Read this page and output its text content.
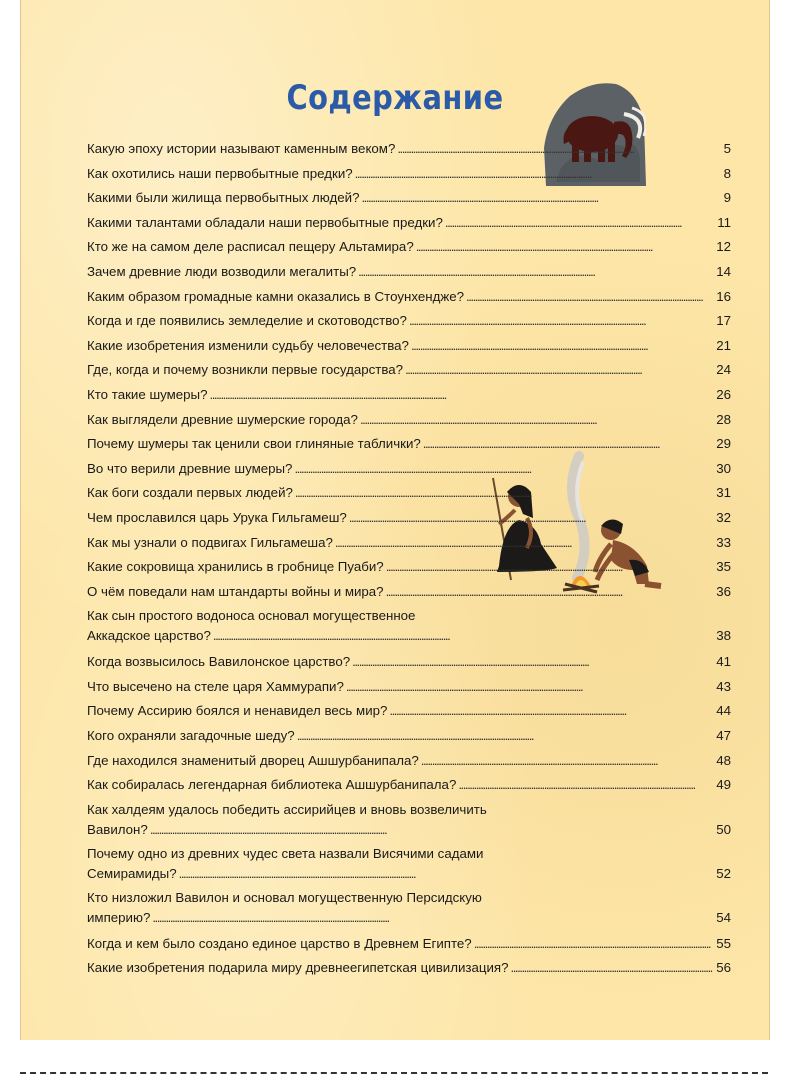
Содержание
Какую эпоху истории называют каменным веком? . . .	5
Как охотились наши первобытные предки? . . .	8
Какими были жилища первобытных людей? . . .	9
Какими талантами обладали наши первобытные предки? . . .	11
Кто же на самом деле расписал пещеру Альтамира? . . .	12
Зачем древние люди возводили мегалиты? . . .	14
Каким образом громадные камни оказались в Стоунхендже? . . .	16
Когда и где появились земледелие и скотоводство? . . .	17
Какие изобретения изменили судьбу человечества? . . .	21
Где, когда и почему возникли первые государства? . . .	24
Кто такие шумеры? . . .	26
Как выглядели древние шумерские города? . . .	28
Почему шумеры так ценили свои глиняные таблички? . . .	29
Во что верили древние шумеры? . . .	30
Как боги создали первых людей? . . .	31
Чем прославился царь Урука Гильгамеш? . . .	32
Как мы узнали о подвигах Гильгамеша? . . .	33
Какие сокровища хранились в гробнице Пуаби? . . .	35
О чём поведали нам штандарты войны и мира? . . .	36
Как сын простого водоноса основал могущественное
Аккадское царство? . . .	38
Когда возвысилось Вавилонское царство? . . .	41
Что высечено на стеле царя Хаммурапи? . . .	43
Почему Ассирию боялся и ненавидел весь мир? . . .	44
Кого охраняли загадочные шеду? . . .	47
Где находился знаменитый дворец Ашшурбанипала? . . .	48
Как собиралась легендарная библиотека Ашшурбанипала? . . .	49
Как халдеям удалось победить ассирийцев и вновь возвеличить
Вавилон? . . .	50
Почему одно из древних чудес света назвали Висячими садами
Семирамиды? . . .	52
Кто низложил Вавилон и основал могущественную Персидскую
империю? . . .	54
Когда и кем было создано единое царство в Древнем Египте? . . .	55
Какие изобретения подарила миру древнеегипетская цивилизация? . . .	56
